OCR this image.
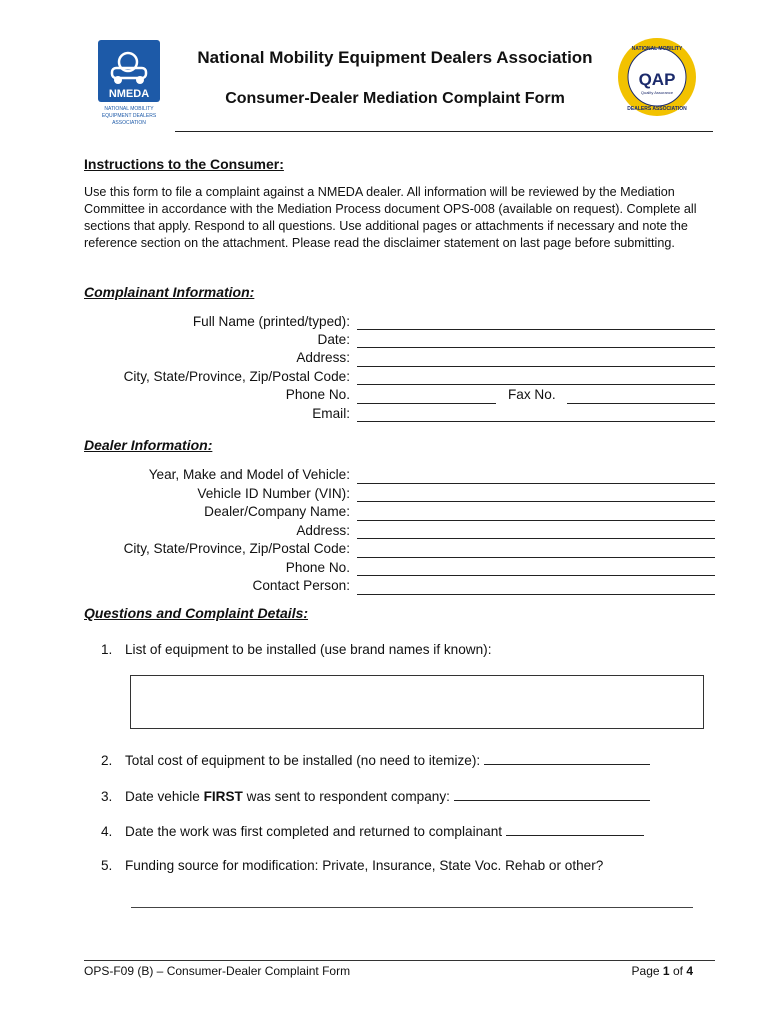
NMEDA
NATIONAL MOBILITY
EQUIPMENT DEALERS
ASSOCIATION
QAP
Quality Assurance
NATIONAL MOBILITY
DEALERS ASSOCIATION
National Mobility Equipment Dealers Association
Consumer-Dealer Mediation Complaint Form
Instructions to the Consumer:
Use this form to file a complaint against a NMEDA dealer. All information will be reviewed by the Mediation Committee in accordance with the Mediation Process document OPS-008 (available on request). Complete all sections that apply. Respond to all questions. Use additional pages or attachments if necessary and note the reference section on the attachment. Please read the disclaimer statement on last page before submitting.
Complainant Information:
Full Name (printed/typed):
Date:
Address:
City, State/Province, Zip/Postal Code:
Phone No.	Fax No.
Email:
Dealer Information:
Year, Make and Model of Vehicle:
Vehicle ID Number (VIN):
Dealer/Company Name:
Address:
City, State/Province, Zip/Postal Code:
Phone No.
Contact Person:
Questions and Complaint Details:
1. List of equipment to be installed (use brand names if known):
2. Total cost of equipment to be installed (no need to itemize):
3. Date vehicle FIRST was sent to respondent company:
4. Date the work was first completed and returned to complainant
5. Funding source for modification: Private, Insurance, State Voc. Rehab or other?
OPS-F09 (B) – Consumer-Dealer Complaint Form	Page 1 of 4
